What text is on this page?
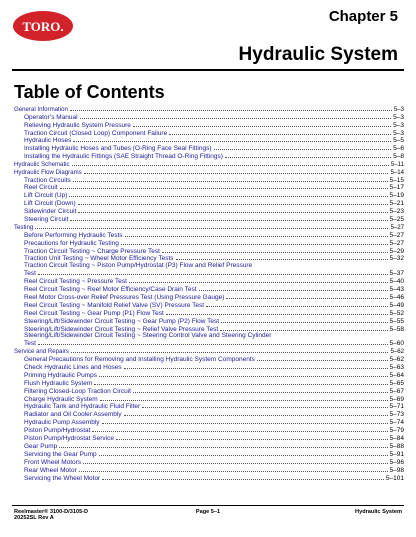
TORO.
Chapter 5
Hydraulic System
Table of Contents
General Information	5–3
Operator’s Manual	5–3
Relieving Hydraulic System Pressure	5–3
Traction Circuit (Closed Loop) Component Failure	5–3
Hydraulic Hoses	5–5
Installing Hydraulic Hoses and Tubes (O-Ring Face Seal Fittings)	5–6
Installing the Hydraulic Fittings (SAE Straight Thread O-Ring Fittings)	5–8
Hydraulic Schematic	5–11
Hydraulic Flow Diagrams	5–14
Traction Circuits	5–15
Reel Circuit	5–17
Lift Circuit (Up)	5–19
Lift Circuit (Down)	5–21
Sidewinder Circuit	5–23
Steering Circuit	5–25
Testing	5–27
Before Performing Hydraulic Tests	5–27
Precautions for Hydraulic Testing	5–27
Traction Circuit Testing ~ Charge Pressure Test	5–29
Traction Unit Testing ~ Wheel Motor Efficiency Tests	5–32
Traction Circuit Testing ~ Piston Pump/Hydrostat (P3) Flow and Relief Pressure
Test	5–37
Reel Circuit Testing ~ Pressure Test	5–40
Reel Circuit Testing ~ Reel Motor Efficiency/Case Drain Test	5–43
Reel Motor Cross-over Relief Pressures Test (Using Pressure Gauge)	5–46
Reel Circuit Testing ~ Manifold Relief Valve (SV) Pressure Test	5–49
Reel Circuit Testing ~ Gear Pump (P1) Flow Test	5–52
Steering/Lift/Sidewinder Circuit Testing ~ Gear Pump (P2) Flow Test	5–55
Steering/Lift/Sidewinder Circuit Testing ~ Relief Valve Pressure Test	5–58
Steering/Lift/Sidewinder Circuit Testing ~ Steering Control Valve and Steering Cylinder
Test	5–60
Service and Repairs	5–62
General Precautions for Removing and Installing Hydraulic System Components	5–62
Check Hydraulic Lines and Hoses	5–63
Priming Hydraulic Pumps	5–64
Flush Hydraulic System	5–65
Filtering Closed-Loop Traction Circuit	5–67
Charge Hydraulic System	5–69
Hydraulic Tank and Hydraulic Fluid Filter	5–71
Radiator and Oil Cooler Assembly	5–73
Hydraulic Pump Assembly	5–74
Piston Pump/Hydrostat	5–79
Piston Pump/Hydrostat Service	5–84
Gear Pump	5–88
Servicing the Gear Pump	5–91
Front Wheel Motors	5–96
Rear Wheel Motor	5–98
Servicing the Wheel Motor	5–101
Reelmaster® 3100-D/3105-D
20252SL Rev A
Page 5–1	Hydraulic System
